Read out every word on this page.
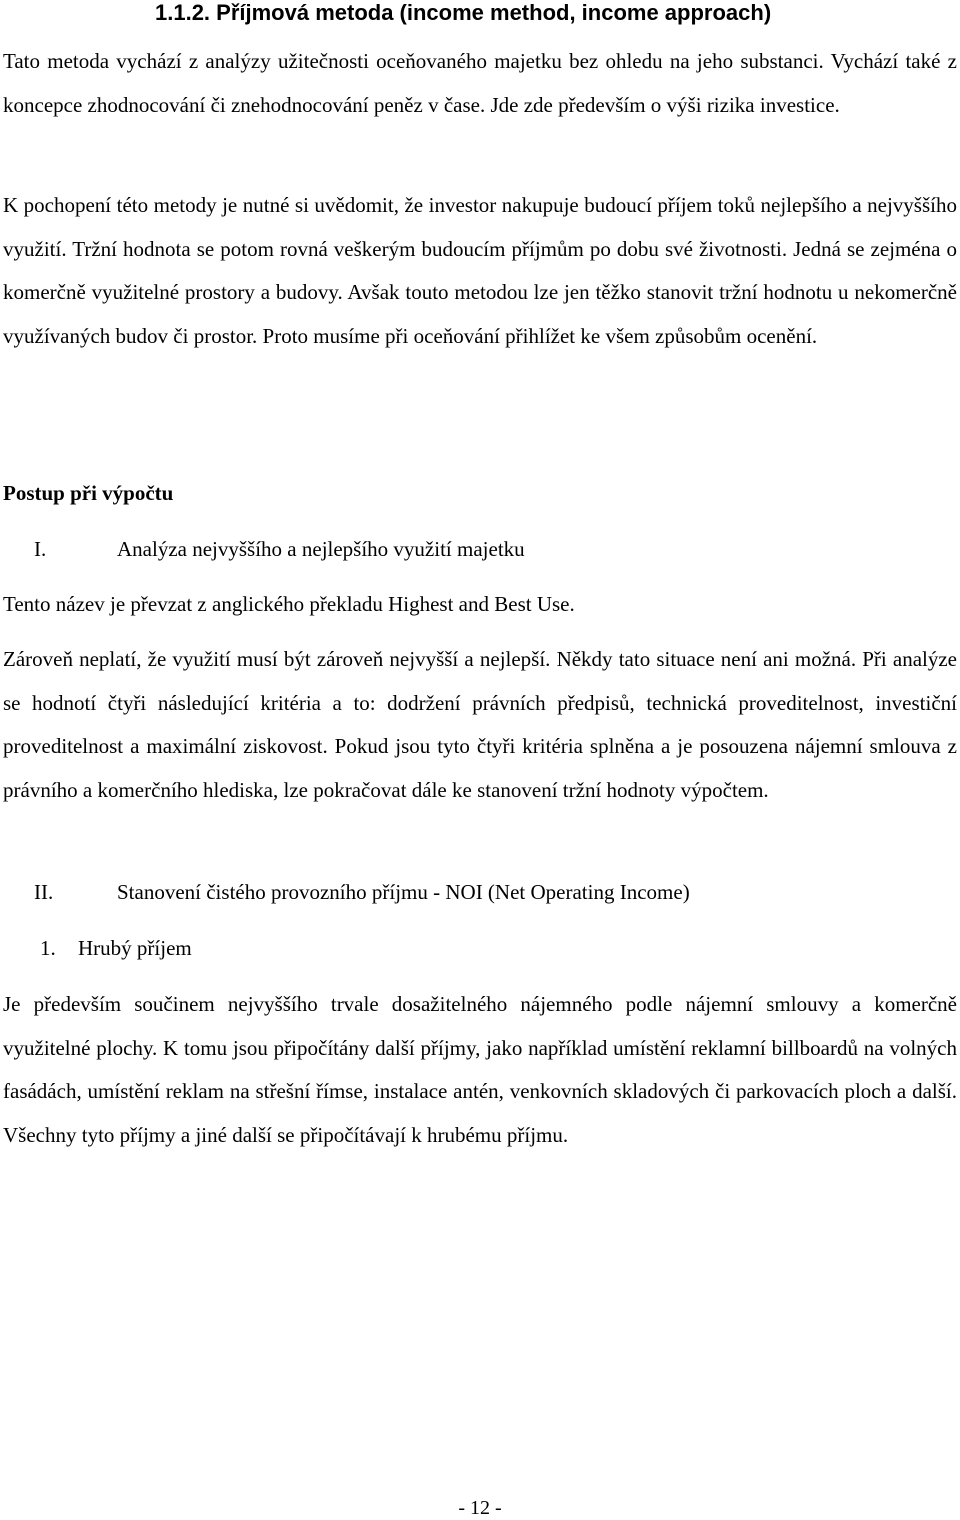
1.1.2. Příjmová metoda (income method, income approach)

Tato metoda vychází z analýzy užitečnosti oceňovaného majetku bez ohledu na jeho substanci. Vychází také z koncepce zhodnocování či znehodnocování peněz v čase. Jde zde především o výši rizika investice.

K pochopení této metody je nutné si uvědomit, že investor nakupuje budoucí příjem toků nejlepšího a nejvyššího využití. Tržní hodnota se potom rovná veškerým budoucím příjmům po dobu své životnosti. Jedná se zejména o komerčně využitelné prostory a budovy. Avšak touto metodou lze jen těžko stanovit tržní hodnotu u nekomerčně využívaných budov či prostor. Proto musíme při oceňování přihlížet ke všem způsobům ocenění.

Postup při výpočtu
I.	Analýza nejvyššího a nejlepšího využití majetku

Tento název je převzat z anglického překladu Highest and Best Use.

Zároveň neplatí, že využití musí být zároveň nejvyšší a nejlepší. Někdy tato situace není ani možná. Při analýze se hodnotí čtyři následující kritéria a to: dodržení právních předpisů, technická proveditelnost, investiční proveditelnost a maximální ziskovost. Pokud jsou tyto čtyři kritéria splněna a je posouzena nájemní smlouva z právního a komerčního hlediska, lze pokračovat dále ke stanovení tržní hodnoty výpočtem.

II.	Stanovení čistého provozního příjmu - NOI (Net Operating Income)
1. Hrubý příjem

Je především součinem nejvyššího trvale dosažitelného nájemného podle nájemní smlouvy a komerčně využitelné plochy. K tomu jsou připočítány další příjmy, jako například umístění reklamní billboardů na volných fasádách, umístění reklam na střešní římse, instalace antén, venkovních skladových či parkovacích ploch a další. Všechny tyto příjmy a jiné další se připočítávají k hrubému příjmu.

- 12 -
